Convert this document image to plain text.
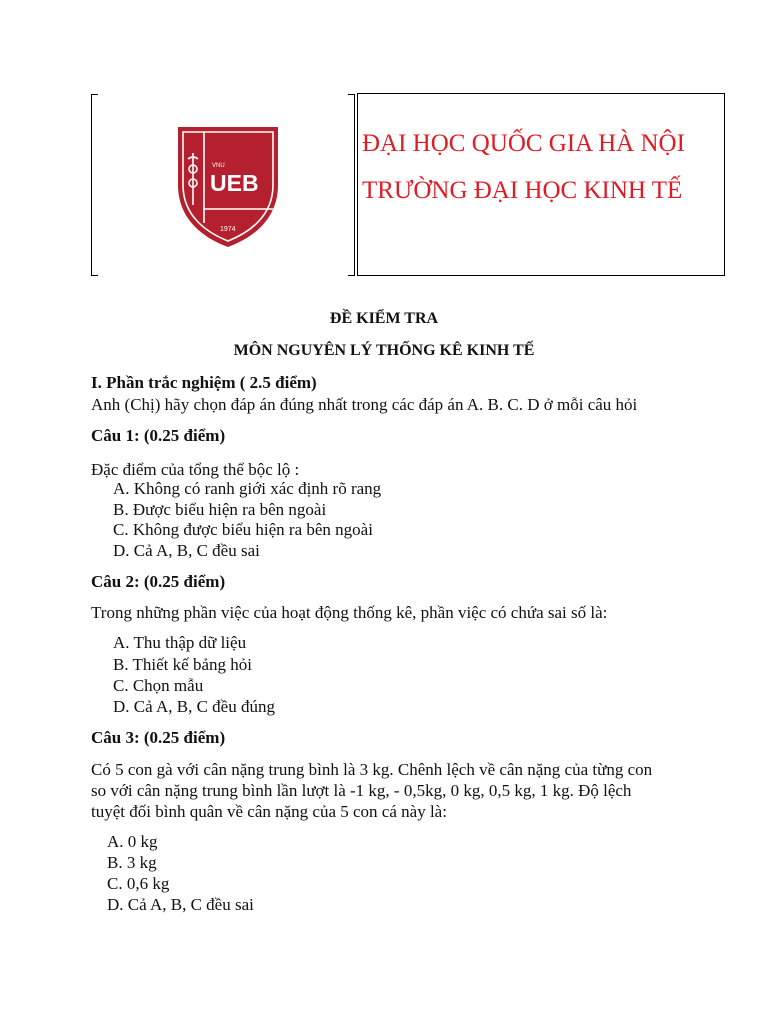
VNU
UEB
1974
ĐẠI HỌC QUỐC GIA HÀ NỘI
TRƯỜNG ĐẠI HỌC KINH TẾ
ĐỀ KIỂM TRA
MÔN NGUYÊN LÝ THỐNG KÊ KINH TẾ
I. Phần trắc nghiệm ( 2.5 điểm)
Anh (Chị) hãy chọn đáp án đúng nhất trong các đáp án A. B. C. D ở mỗi câu hỏi
Câu 1: (0.25 điểm)
Đặc điểm của tổng thể bộc lộ :
A. Không có ranh giới xác định rõ rang
B. Được biểu hiện ra bên ngoài
C. Không được biểu hiện ra bên ngoài
D. Cả A, B, C đều sai
Câu 2: (0.25 điểm)
Trong những phần việc của hoạt động thống kê, phần việc có chứa sai số là:
A. Thu thập dữ liệu
B. Thiết kế bảng hỏi
C. Chọn mẫu
D. Cả A, B, C đều đúng
Câu 3: (0.25 điểm)
Có 5 con gà với cân nặng trung bình là 3 kg. Chênh lệch về cân nặng của từng con
so với cân nặng trung bình lần lượt là -1 kg, - 0,5kg, 0 kg, 0,5 kg, 1 kg. Độ lệch
tuyệt đối bình quân về cân nặng của 5 con cá này là:
A. 0 kg
B. 3 kg
C. 0,6 kg
D. Cả A, B, C đều sai
